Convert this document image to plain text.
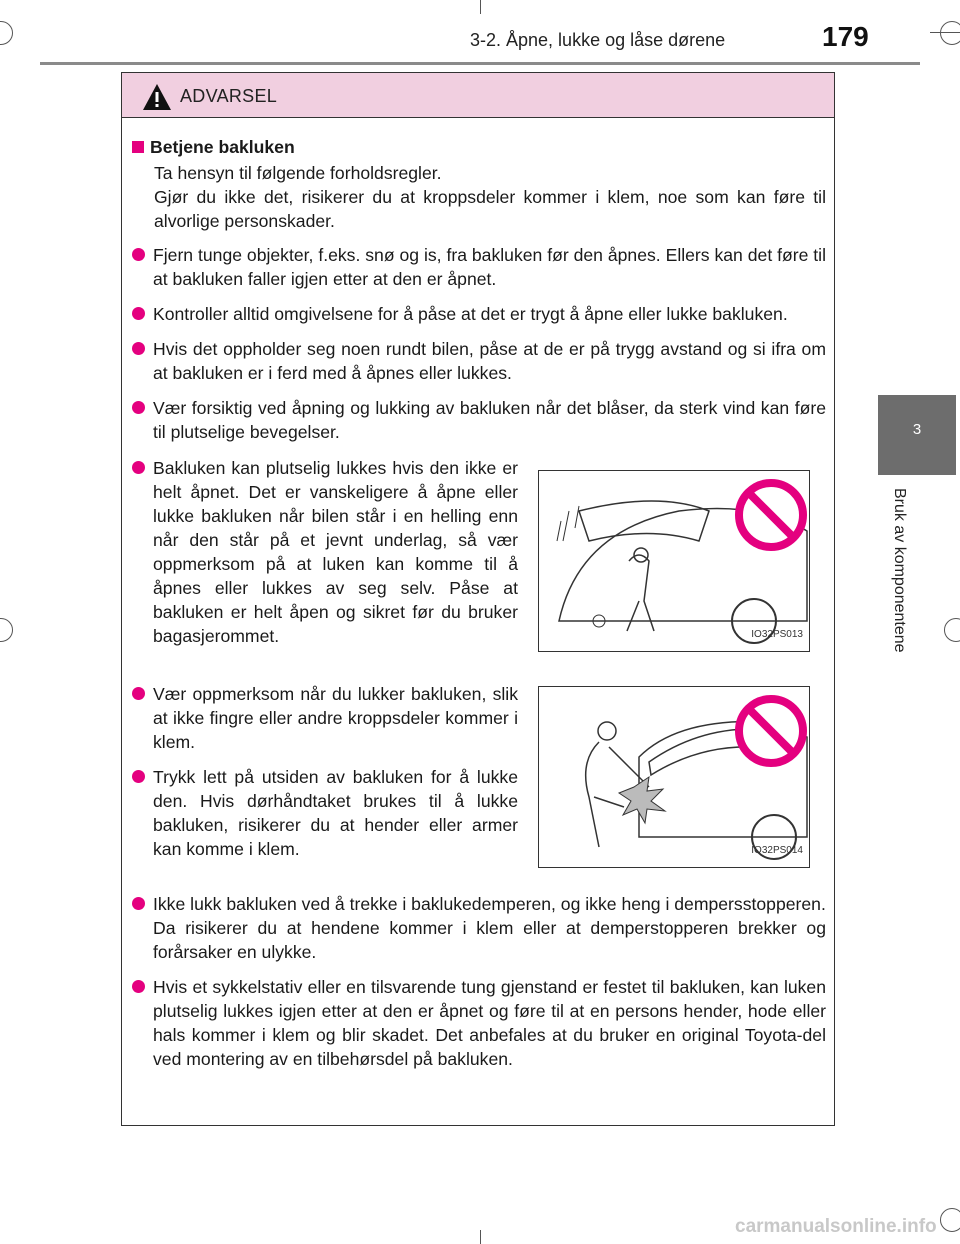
3-2. Åpne, lukke og låse dørene	179
3
Bruk av komponentene
ADVARSEL
Betjene bakluken

Ta hensyn til følgende forholdsregler.
Gjør du ikke det, risikerer du at kroppsdeler kommer i klem, noe som kan føre til alvorlige personskader.

Fjern tunge objekter, f.eks. snø og is, fra bakluken før den åpnes. Ellers kan det føre til at bakluken faller igjen etter at den er åpnet.
Kontroller alltid omgivelsene for å påse at det er trygt å åpne eller lukke bakluken.
Hvis det oppholder seg noen rundt bilen, påse at de er på trygg avstand og si ifra om at bakluken er i ferd med å åpnes eller lukkes.
Vær forsiktig ved åpning og lukking av bakluken når det blåser, da sterk vind kan føre til plutselige bevegelser.
Bakluken kan plutselig lukkes hvis den ikke er helt åpnet. Det er vanskeligere å åpne eller lukke bakluken når bilen står i en helling enn når den står på et jevnt underlag, så vær oppmerksom på at luken kan komme til å åpnes eller lukkes av seg selv. Påse at bakluken er helt åpen og sikret før du bruker bagasjerommet.	IO32PS013
Vær oppmerksom når du lukker bakluken, slik at ikke fingre eller andre kroppsdeler kommer i klem.
Trykk lett på utsiden av bakluken for å lukke den. Hvis dørhåndtaket brukes til å lukke bakluken, risikerer du at hender eller armer kan komme i klem.	IO32PS014
Ikke lukk bakluken ved å trekke i baklukedemperen, og ikke heng i dempersstopperen.
Da risikerer du at hendene kommer i klem eller at demperstopperen brekker og forårsaker en ulykke.
Hvis et sykkelstativ eller en tilsvarende tung gjenstand er festet til bakluken, kan luken plutselig lukkes igjen etter at den er åpnet og føre til at en persons hender, hode eller hals kommer i klem og blir skadet. Det anbefales at du bruker en original Toyota-del ved montering av en tilbehørsdel på bakluken.
carmanualsonline.info
